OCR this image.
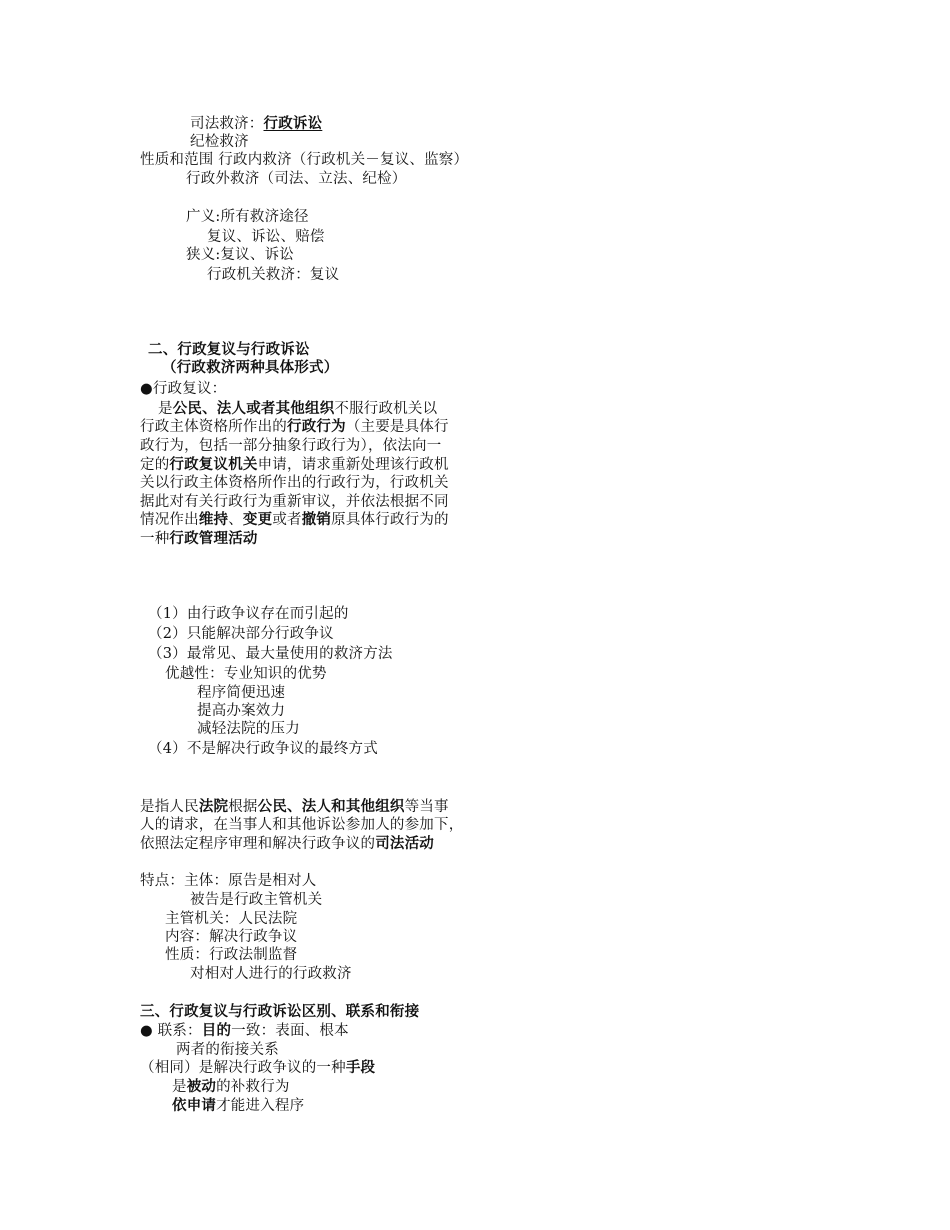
司法救济：行政诉讼
纪检救济
性质和范围 行政内救济（行政机关－复议、监察）
行政外救济（司法、立法、纪检）
广义:所有救济途径
复议、诉讼、赔偿
狭义:复议、诉讼
行政机关救济：复议
二、行政复议与行政诉讼
（行政救济两种具体形式）
●行政复议：
是公民、法人或者其他组织不服行政机关以
行政主体资格所作出的行政行为（主要是具体行
政行为，包括一部分抽象行政行为），依法向一
定的行政复议机关申请，请求重新处理该行政机
关以行政主体资格所作出的行政行为，行政机关
据此对有关行政行为重新审议，并依法根据不同
情况作出维持、变更或者撤销原具体行政行为的
一种行政管理活动
（1）由行政争议存在而引起的
（2）只能解决部分行政争议
（3）最常见、最大量使用的救济方法
优越性：专业知识的优势
程序简便迅速
提高办案效力
减轻法院的压力
（4）不是解决行政争议的最终方式
是指人民法院根据公民、法人和其他组织等当事
人的请求，在当事人和其他诉讼参加人的参加下，
依照法定程序审理和解决行政争议的司法活动
特点：主体：原告是相对人
被告是行政主管机关
主管机关：人民法院
内容：解决行政争议
性质：行政法制监督
对相对人进行的行政救济
三、行政复议与行政诉讼区别、联系和衔接
● 联系：目的一致：表面、根本
两者的衔接关系
（相同）是解决行政争议的一种手段
是被动的补救行为
依申请才能进入程序
